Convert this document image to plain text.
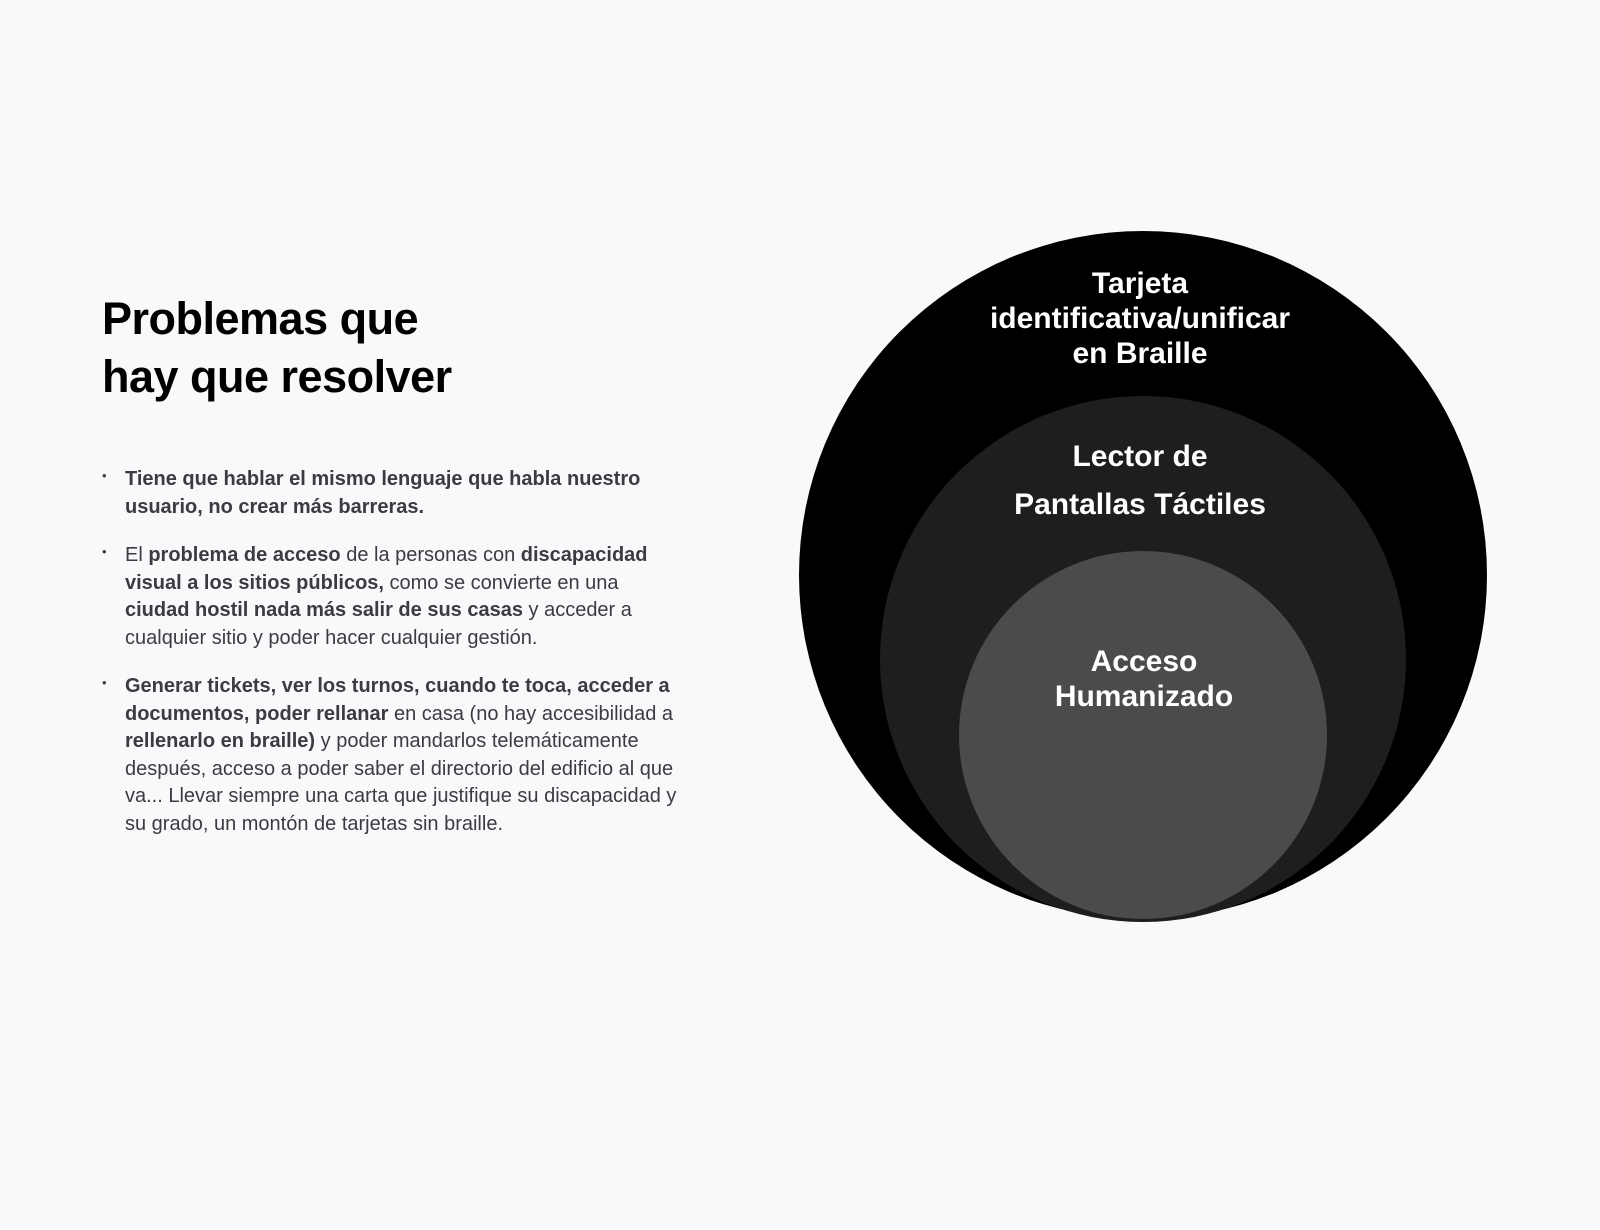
Problemas que
hay que resolver
• Tiene que hablar el mismo lenguaje que habla nuestro usuario, no crear más barreras.
• El problema de acceso de la personas con discapacidad visual a los sitios públicos, como se convierte en una ciudad hostil nada más salir de sus casas y acceder a cualquier sitio y poder hacer cualquier gestión.
• Generar tickets, ver los turnos, cuando te toca, acceder a documentos, poder rellanar en casa (no hay accesibilidad a rellenarlo en braille) y poder mandarlos telemáticamente después, acceso a poder saber el directorio del edificio al que va... Llevar siempre una carta que justifique su discapacidad y su grado, un montón de tarjetas sin braille.
Tarjeta
identificativa/unificar
en Braille
Lector de
Pantallas Táctiles
Acceso
Humanizado
